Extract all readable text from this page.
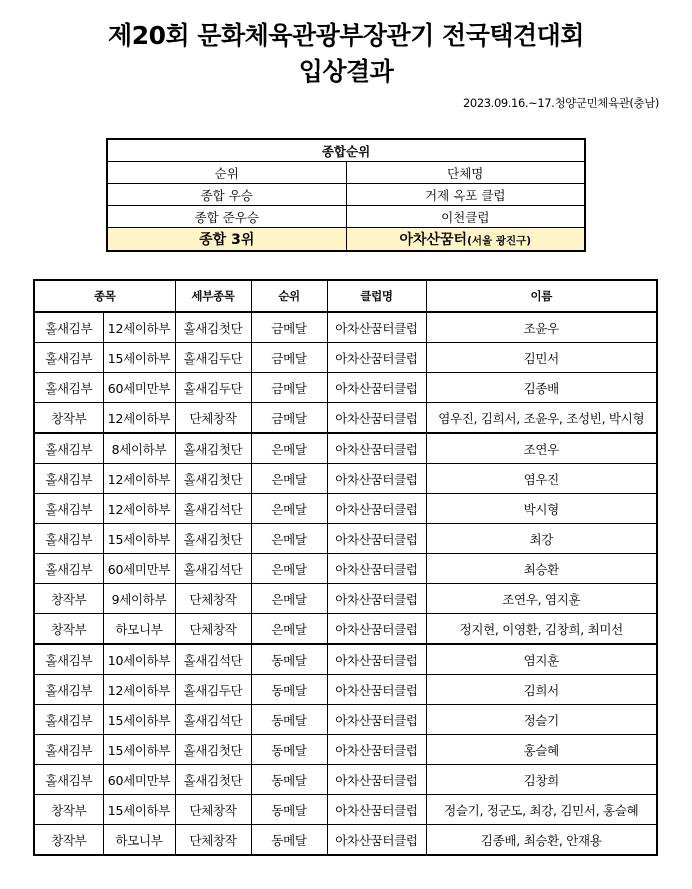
제20회 문화체육관광부장관기 전국택견대회
입상결과
2023.09.16.~17.청양군민체육관(충남)
종합순위	
순위	단체명
종합 우승	거제 옥포 클럽
종합 준우승	이천클럽
종합 3위	아차산꿈터(서울 광진구)
종목		세부종목	순위	클럽명	이름
홀새김부	12세이하부	홀새김첫단	금메달	아차산꿈터클럽	조윤우
홀새김부	15세이하부	홀새김두단	금메달	아차산꿈터클럽	김민서
홀새김부	60세미만부	홀새김두단	금메달	아차산꿈터클럽	김종배
창작부	12세이하부	단체창작	금메달	아차산꿈터클럽	염우진, 김희서, 조윤우, 조성빈, 박시형
홀새김부	8세이하부	홀새김첫단	은메달	아차산꿈터클럽	조연우
홀새김부	12세이하부	홀새김첫단	은메달	아차산꿈터클럽	염우진
홀새김부	12세이하부	홀새김석단	은메달	아차산꿈터클럽	박시형
홀새김부	15세이하부	홀새김첫단	은메달	아차산꿈터클럽	최강
홀새김부	60세미만부	홀새김석단	은메달	아차산꿈터클럽	최승환
창작부	9세이하부	단체창작	은메달	아차산꿈터클럽	조연우, 염지훈
창작부	하모니부	단체창작	은메달	아차산꿈터클럽	정지현, 이영환, 김창희, 최미선
홀새김부	10세이하부	홀새김석단	동메달	아차산꿈터클럽	염지훈
홀새김부	12세이하부	홀새김두단	동메달	아차산꿈터클럽	김희서
홀새김부	15세이하부	홀새김석단	동메달	아차산꿈터클럽	정슬기
홀새김부	15세이하부	홀새김첫단	동메달	아차산꿈터클럽	홍슬혜
홀새김부	60세미만부	홀새김첫단	동메달	아차산꿈터클럽	김창희
창작부	15세이하부	단체창작	동메달	아차산꿈터클럽	정슬기, 정군도, 최강, 김민서, 홍슬혜
창작부	하모니부	단체창작	동메달	아차산꿈터클럽	김종배, 최승환, 안재용
